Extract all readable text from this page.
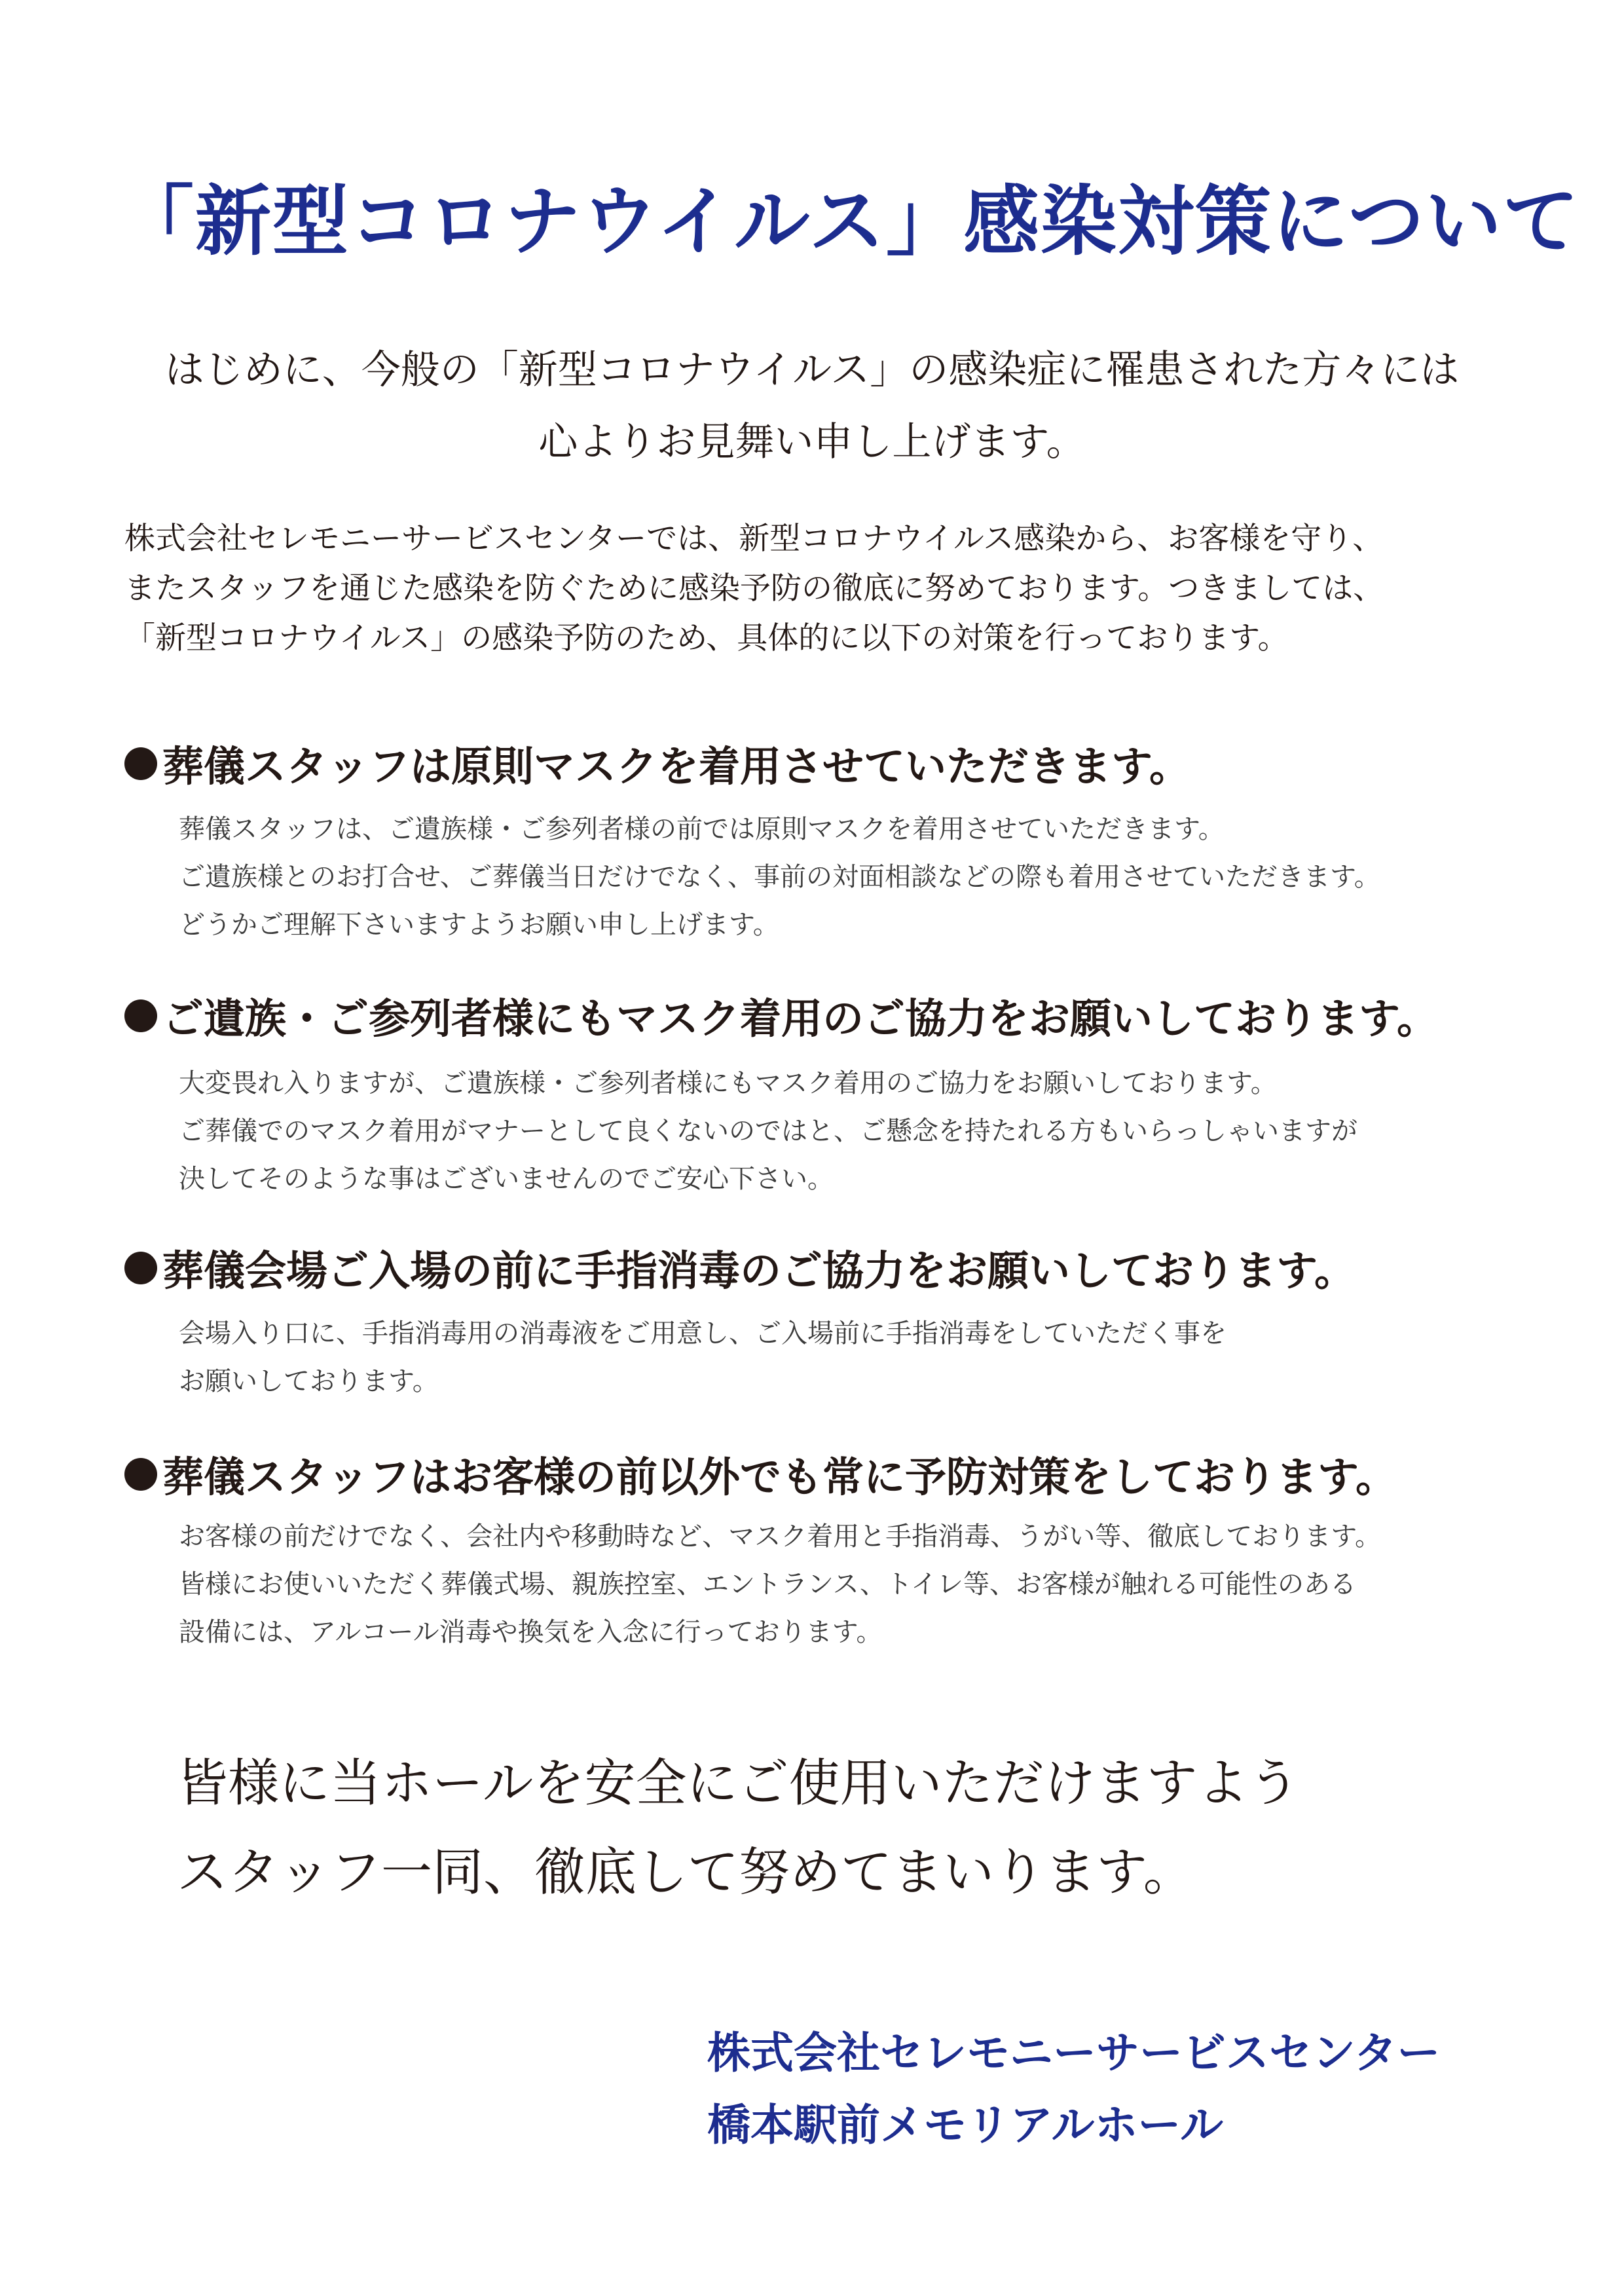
「新型コロナウイルス」感染対策について
はじめに、今般の「新型コロナウイルス」の感染症に罹患された方々には
心よりお見舞い申し上げます。
株式会社セレモニーサービスセンターでは、新型コロナウイルス感染から、お客様を守り、
またスタッフを通じた感染を防ぐために感染予防の徹底に努めております。つきましては、
「新型コロナウイルス」の感染予防のため、具体的に以下の対策を行っております。
葬儀スタッフは原則マスクを着用させていただきます。
葬儀スタッフは、ご遺族様・ご参列者様の前では原則マスクを着用させていただきます。
ご遺族様とのお打合せ、ご葬儀当日だけでなく、事前の対面相談などの際も着用させていただきます。
どうかご理解下さいますようお願い申し上げます。
ご遺族・ご参列者様にもマスク着用のご協力をお願いしております。
大変畏れ入りますが、ご遺族様・ご参列者様にもマスク着用のご協力をお願いしております。
ご葬儀でのマスク着用がマナーとして良くないのではと、ご懸念を持たれる方もいらっしゃいますが
決してそのような事はございませんのでご安心下さい。
葬儀会場ご入場の前に手指消毒のご協力をお願いしております。
会場入り口に、手指消毒用の消毒液をご用意し、ご入場前に手指消毒をしていただく事を
お願いしております。
葬儀スタッフはお客様の前以外でも常に予防対策をしております。
お客様の前だけでなく、会社内や移動時など、マスク着用と手指消毒、うがい等、徹底しております。
皆様にお使いいただく葬儀式場、親族控室、エントランス、トイレ等、お客様が触れる可能性のある
設備には、アルコール消毒や換気を入念に行っております。
皆様に当ホールを安全にご使用いただけますよう
スタッフ一同、徹底して努めてまいります。
株式会社セレモニーサービスセンター
橋本駅前メモリアルホール
